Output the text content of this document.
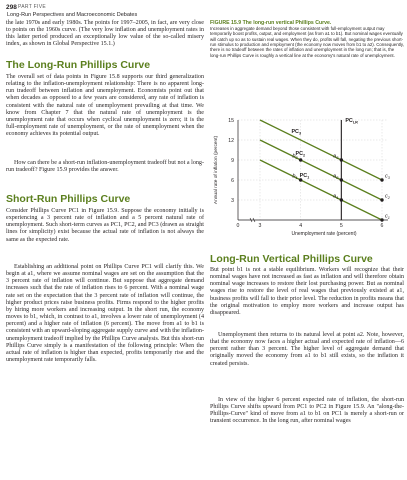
298 PART FIVE
Long-Run Perspectives and Macroeconomic Debates

the late 1970s and early 1980s. The points for 1997–2005, in fact, are very close to points on the 1960s curve. (The very low inflation and unemployment rates in this latter period produced an exceptionally low value of the so-called misery index, as shown in Global Perspective 15.1.)

The Long-Run Phillips Curve

The overall set of data points in Figure 15.8 supports our third generalization relating to the inflation-unemployment relationship: There is no apparent long-run tradeoff between inflation and unemployment. Economists point out that when decades as opposed to a few years are considered, any rate of inflation is consistent with the natural rate of unemployment prevailing at that time. We know from Chapter 7 that the natural rate of unemployment is the unemployment rate that occurs when cyclical unemployment is zero; it is the full-employment rate of unemployment, or the rate of unemployment when the economy achieves its potential output.

How can there be a short-run inflation-unemployment tradeoff but not a long-run tradeoff? Figure 15.9 provides the answer.

Short-Run Phillips Curve

Consider Phillips Curve PC1 in Figure 15.9. Suppose the economy initially is experiencing a 3 percent rate of inflation and a 5 percent natural rate of unemployment. Such short-term curves as PC1, PC2, and PC3 (drawn as straight lines for simplicity) exist because the actual rate of inflation is not always the same as the expected rate.

Establishing an additional point on Phillips Curve PC1 will clarify this. We begin at a1, where we assume nominal wages are set on the assumption that the 3 percent rate of inflation will continue. But suppose that aggregate demand increases such that the rate of inflation rises to 6 percent. With a nominal wage rate set on the expectation that the 3 percent rate of inflation will continue, the higher product prices raise business profits. Firms respond to the higher profits by hiring more workers and increasing output. In the short run, the economy moves to b1, which, in contrast to a1, involves a lower rate of unemployment (4 percent) and a higher rate of inflation (6 percent). The move from a1 to b1 is consistent with an upward-sloping aggregate supply curve and with the inflation-unemployment tradeoff implied by the Phillips Curve analysis. But this short-run Phillips Curve simply is a manifestation of the following principle: When the actual rate of inflation is higher than expected, profits temporarily rise and the unemployment rate temporarily falls.

FIGURE 15.9 The long-run vertical Phillips Curve.

Increases in aggregate demand beyond those consistent with full-employment output may temporarily boost profits, output, and employment (as from a1 to b1). But nominal wages eventually will catch up so as to sustain real wages. When they do, profits will fall, negating the previous short-run stimulus to production and employment (the economy now moves from b1 to a2). Consequently, there is no tradeoff between the rates of inflation and unemployment in the long run; that is, the long-run Phillips Curve is roughly a vertical line at the economy's natural rate of unemployment.

3
6
9
12
15
0	3	4	5	6
$PC_1$
$PC_2$
$PC_3$
$PC_{LR}$
$a_1$
$b_1$	$a_2$
$b_2$	$a_3$
$c_1$
$c_2$
$c_3$
Annual rate of inflation (percent)
Unemployment rate (percent)
Long-Run Vertical Phillips Curve

But point b1 is not a stable equilibrium. Workers will recognize that their nominal wages have not increased as fast as inflation and will therefore obtain nominal wage increases to restore their lost purchasing power. But as nominal wages rise to restore the level of real wages that previously existed at a1, business profits will fall to their prior level. The reduction in profits means that the original motivation to employ more workers and increase output has disappeared.

Unemployment then returns to its natural level at point a2. Note, however, that the economy now faces a higher actual and expected rate of inflation—6 percent rather than 3 percent. The higher level of aggregate demand that originally moved the economy from a1 to b1 still exists, so the inflation it created persists.

In view of the higher 6 percent expected rate of inflation, the short-run Phillips Curve shifts upward from PC1 to PC2 in Figure 15.9. An "along-the-Phillips-Curve" kind of move from a1 to b1 on PC1 is merely a short-run or transient occurrence. In the long run, after nominal wages
